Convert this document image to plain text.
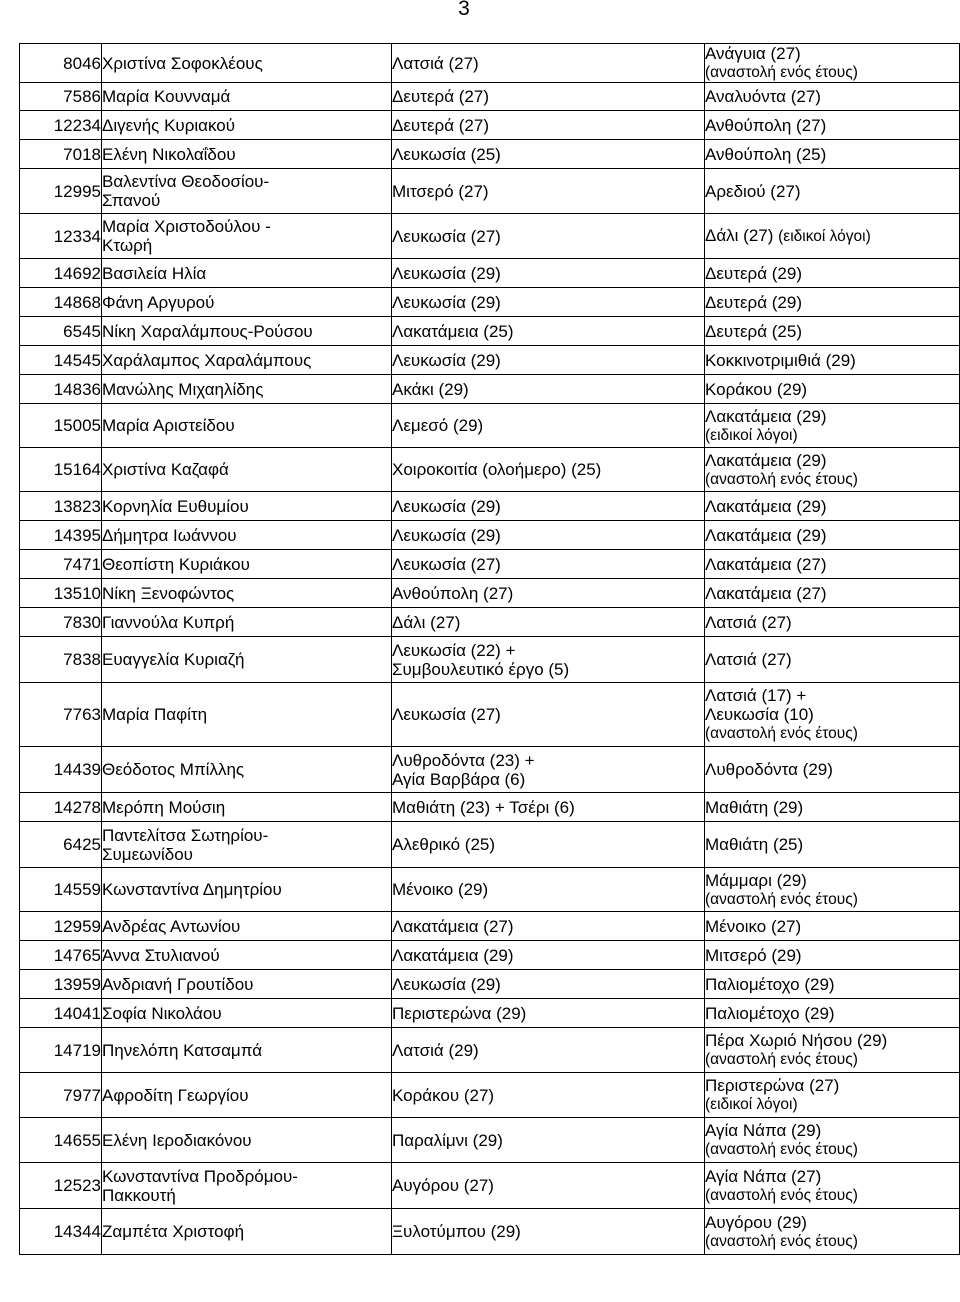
3
8046	Χριστίνα Σοφοκλέους	Λατσιά (27)	Ανάγυια (27)
(αναστολή ενός έτους)

7586	Μαρία Κουνναμά	Δευτερά (27)	Αναλυόντα (27)

12234	Διγενής Κυριακού	Δευτερά (27)	Ανθούπολη (27)

7018	Ελένη Νικολαΐδου	Λευκωσία (25)	Ανθούπολη (25)

12995	Βαλεντίνα Θεοδοσίου-
Σπανού	Μιτσερό (27)	Αρεδιού (27)

12334	Μαρία Χριστοδούλου -
Κτωρή	Λευκωσία (27)	Δάλι (27) (ειδικοί λόγοι)

14692	Βασιλεία Ηλία	Λευκωσία (29)	Δευτερά (29)

14868	Φάνη Αργυρού	Λευκωσία (29)	Δευτερά (29)

6545	Νίκη Χαραλάμπους-Ρούσου	Λακατάμεια (25)	Δευτερά (25)

14545	Χαράλαμπος Χαραλάμπους	Λευκωσία (29)	Κοκκινοτριμιθιά (29)

14836	Μανώλης Μιχαηλίδης	Ακάκι (29)	Κοράκου (29)

15005	Μαρία Αριστείδου	Λεμεσό (29)	Λακατάμεια (29)
(ειδικοί λόγοι)

15164	Χριστίνα Καζαφά	Χοιροκοιτία (ολοήμερο) (25)	Λακατάμεια (29)
(αναστολή ενός έτους)

13823	Κορνηλία Ευθυμίου	Λευκωσία (29)	Λακατάμεια (29)

14395	Δήμητρα Ιωάννου	Λευκωσία (29)	Λακατάμεια (29)

7471	Θεοπίστη Κυριάκου	Λευκωσία (27)	Λακατάμεια (27)

13510	Νίκη Ξενοφώντος	Ανθούπολη (27)	Λακατάμεια (27)

7830	Γιαννούλα Κυπρή	Δάλι (27)	Λατσιά (27)

7838	Ευαγγελία Κυριαζή	Λευκωσία (22) +
Συμβουλευτικό έργο (5)	Λατσιά (27)

7763	Μαρία Παφίτη	Λευκωσία (27)	Λατσιά (17) +
Λευκωσία (10)
(αναστολή ενός έτους)

14439	Θεόδοτος Μπίλλης	Λυθροδόντα (23) +
Αγία Βαρβάρα (6)	Λυθροδόντα (29)

14278	Μερόπη Μούσιη	Μαθιάτη (23) + Τσέρι (6)	Μαθιάτη (29)

6425	Παντελίτσα Σωτηρίου-
Συμεωνίδου	Αλεθρικό (25)	Μαθιάτη (25)

14559	Κωνσταντίνα Δημητρίου	Μένοικο (29)	Μάμμαρι (29)
(αναστολή ενός έτους)

12959	Ανδρέας Αντωνίου	Λακατάμεια (27)	Μένοικο (27)

14765	Άννα Στυλιανού	Λακατάμεια (29)	Μιτσερό (29)

13959	Ανδριανή Γρουτίδου	Λευκωσία (29)	Παλιομέτοχο (29)

14041	Σοφία Νικολάου	Περιστερώνα (29)	Παλιομέτοχο (29)

14719	Πηνελόπη Κατσαμπά	Λατσιά (29)	Πέρα Χωριό Νήσου (29)
(αναστολή ενός έτους)

7977	Αφροδίτη Γεωργίου	Κοράκου (27)	Περιστερώνα (27)
(ειδικοί λόγοι)

14655	Ελένη Ιεροδιακόνου	Παραλίμνι (29)	Αγία Νάπα (29)
(αναστολή ενός έτους)

12523	Κωνσταντίνα Προδρόμου-
Πακκουτή	Αυγόρου (27)	Αγία Νάπα (27)
(αναστολή ενός έτους)

14344	Ζαμπέτα Χριστοφή	Ξυλοτύμπου (29)	Αυγόρου (29)
(αναστολή ενός έτους)
